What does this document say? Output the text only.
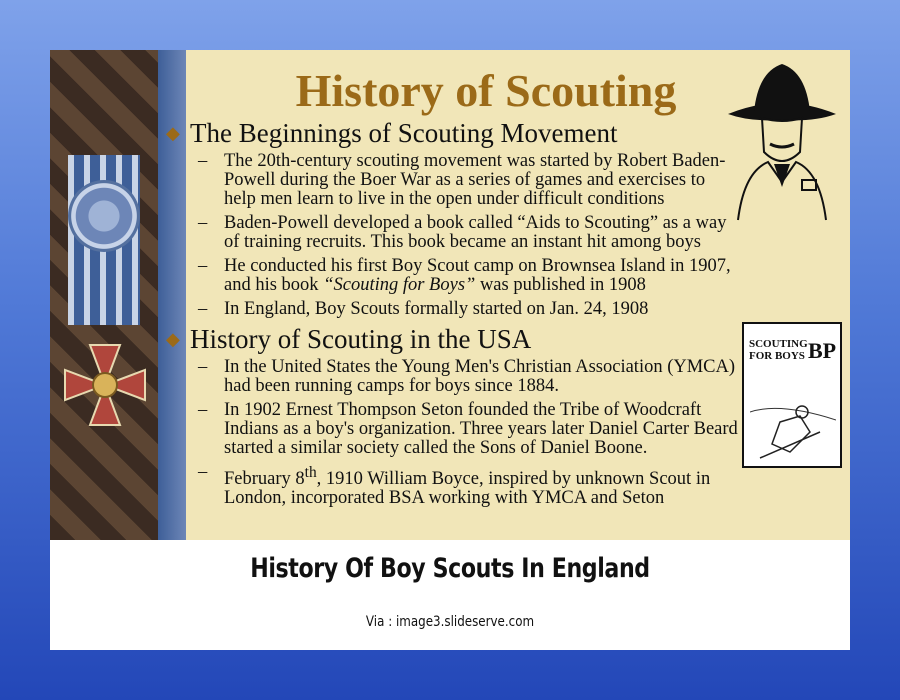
History of Scouting
SCOUTING
FOR BOYS BP
◆ The Beginnings of Scouting Movement
– The 20th-century scouting movement was started by Robert Baden-Powell during the Boer War as a series of games and exercises to help men learn to live in the open under difficult conditions
– Baden-Powell developed a book called “Aids to Scouting” as a way of training recruits. This book became an instant hit among boys
– He conducted his first Boy Scout camp on Brownsea Island in 1907, and his book “Scouting for Boys” was published in 1908
– In England, Boy Scouts formally started on Jan. 24, 1908
◆ History of Scouting in the USA
– In the United States the Young Men's Christian Association (YMCA) had been running camps for boys since 1884.
– In 1902 Ernest Thompson Seton founded the Tribe of Woodcraft Indians as a boy's organization. Three years later Daniel Carter Beard started a similar society called the Sons of Daniel Boone.
– February 8th, 1910 William Boyce, inspired by unknown Scout in London, incorporated BSA working with YMCA and Seton
History Of Boy Scouts In England
Via : image3.slideserve.com
